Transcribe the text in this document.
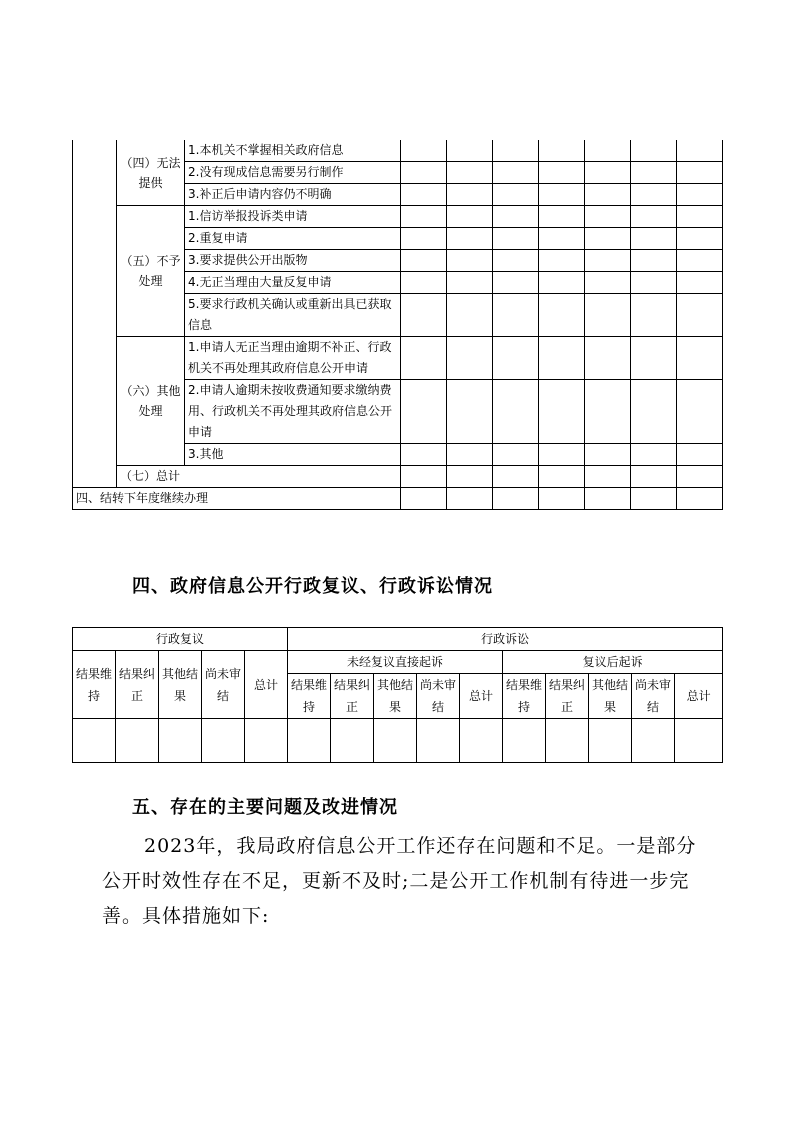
	（四）无法提供	1.本机关不掌握相关政府信息							
		2.没有现成信息需要另行制作							
		3.补正后申请内容仍不明确							
	（五）不予处理	1.信访举报投诉类申请							
		2.重复申请							
		3.要求提供公开出版物							
		4.无正当理由大量反复申请							
		5.要求行政机关确认或重新出具已获取信息							
	（六）其他处理	1.申请人无正当理由逾期不补正、行政机关不再处理其政府信息公开申请							
		2.申请人逾期未按收费通知要求缴纳费用、行政机关不再处理其政府信息公开申请							
		3.其他							
	（七）总计								
四、结转下年度继续办理									
四、政府信息公开行政复议、行政诉讼情况
行政复议					行政诉讼									
结果维持	结果纠正	其他结果	尚未审结	总计	未经复议直接起诉					复议后起诉				
					结果维持	结果纠正	其他结果	尚未审结	总计	结果维持	结果纠正	其他结果	尚未审结	总计

五、存在的主要问题及改进情况
2023年，我局政府信息公开工作还存在问题和不足。一是部分公开时效性存在不足，更新不及时;二是公开工作机制有待进一步完善。具体措施如下:
